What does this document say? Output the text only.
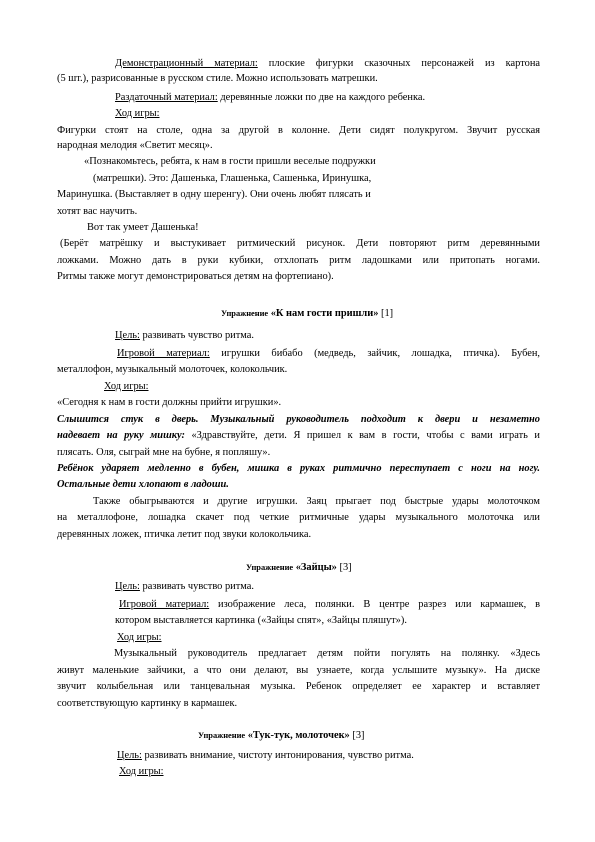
Демонстрационный материал: плоские фигурки сказочных персонажей из картона
(5 шт.), разрисованные в русском стиле. Можно использовать матрешки.
Раздаточный материал: деревянные ложки по две на каждого ребенка.
Ход игры:
Фигурки стоят на столе, одна за другой в колонне. Дети сидят полукругом. Звучит русская
народная мелодия «Светит месяц».
«Познакомьтесь, ребята, к нам в гости пришли веселые подружки
(матрешки). Это: Дашенька, Глашенька, Сашенька, Иринушка,
Маринушка. (Выставляет в одну шеренгу). Они очень любят плясать и
хотят вас научить.
Вот так умеет Дашенька!
(Берёт матрёшку и выстукивает ритмический рисунок. Дети повторяют ритм деревянными
ложками. Можно дать в руки кубики, отхлопать ритм ладошками или притопать ногами.
Ритмы также могут демонстрироваться детям на фортепиано).
Упражнение «К нам гости пришли» [1]
Цель: развивать чувство ритма.
Игровой материал: игрушки бибабо (медведь, зайчик, лошадка, птичка). Бубен,
металлофон, музыкальный молоточек, колокольчик.
Ход игры:
«Сегодня к нам в гости должны прийти игрушки».
Слышится стук в дверь. Музыкальный руководитель подходит к двери и незаметно
надевает на руку мишку: «Здравствуйте, дети. Я пришел к вам в гости, чтобы с вами играть и
плясать. Оля, сыграй мне на бубне, я попляшу».
Ребёнок ударяет медленно в бубен, мишка в руках ритмично переступает с ноги на ногу.
Остальные дети хлопают в ладоши.
Также обыгрываются и другие игрушки. Заяц прыгает под быстрые удары молоточком
на металлофоне, лошадка скачет под четкие ритмичные удары музыкального молоточка или
деревянных ложек, птичка летит под звуки колокольчика.
Упражнение «Зайцы» [3]
Цель: развивать чувство ритма.
Игровой материал: изображение леса, полянки. В центре разрез или кармашек, в
котором выставляется картинка («Зайцы спят», «Зайцы пляшут»).
Ход игры:
Музыкальный руководитель предлагает детям пойти погулять на полянку. «Здесь
живут маленькие зайчики, а что они делают, вы узнаете, когда услышите музыку». На диске
звучит колыбельная или танцевальная музыка. Ребенок определяет ее характер и вставляет
соответствующую картинку в кармашек.
Упражнение «Тук-тук, молоточек» [3]
Цель: развивать внимание, чистоту интонирования, чувство ритма.
Ход игры:
